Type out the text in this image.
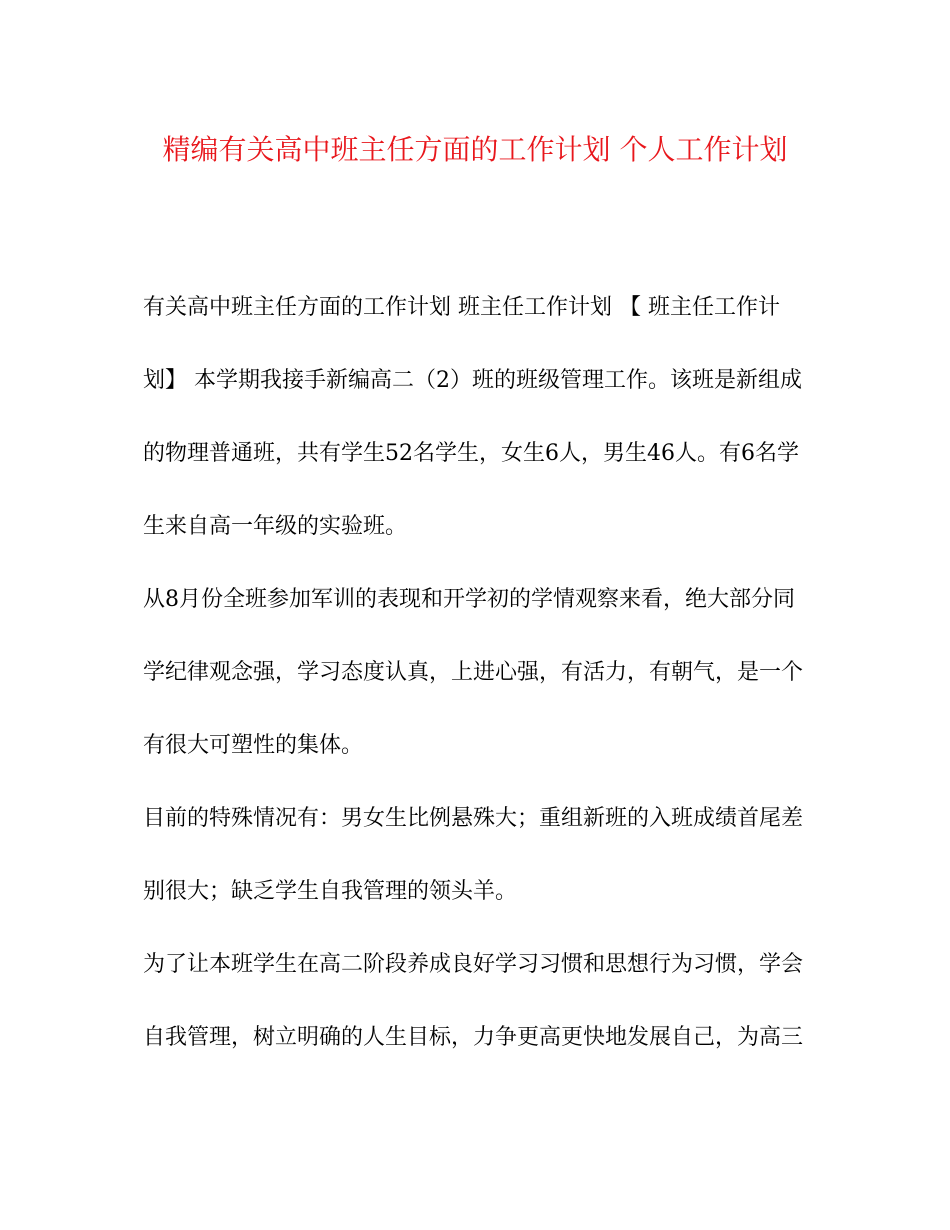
精编有关高中班主任方面的工作计划 个人工作计划
有关高中班主任方面的工作计划 班主任工作计划 【 班主任工作计
划】 本学期我接手新编高二（2）班的班级管理工作。该班是新组成
的物理普通班，共有学生52名学生，女生6人，男生46人。有6名学
生来自高一年级的实验班。
从8月份全班参加军训的表现和开学初的学情观察来看，绝大部分同
学纪律观念强，学习态度认真，上进心强，有活力，有朝气，是一个
有很大可塑性的集体。
目前的特殊情况有：男女生比例悬殊大；重组新班的入班成绩首尾差
别很大；缺乏学生自我管理的领头羊。
为了让本班学生在高二阶段养成良好学习习惯和思想行为习惯，学会
自我管理，树立明确的人生目标，力争更高更快地发展自己，为高三
